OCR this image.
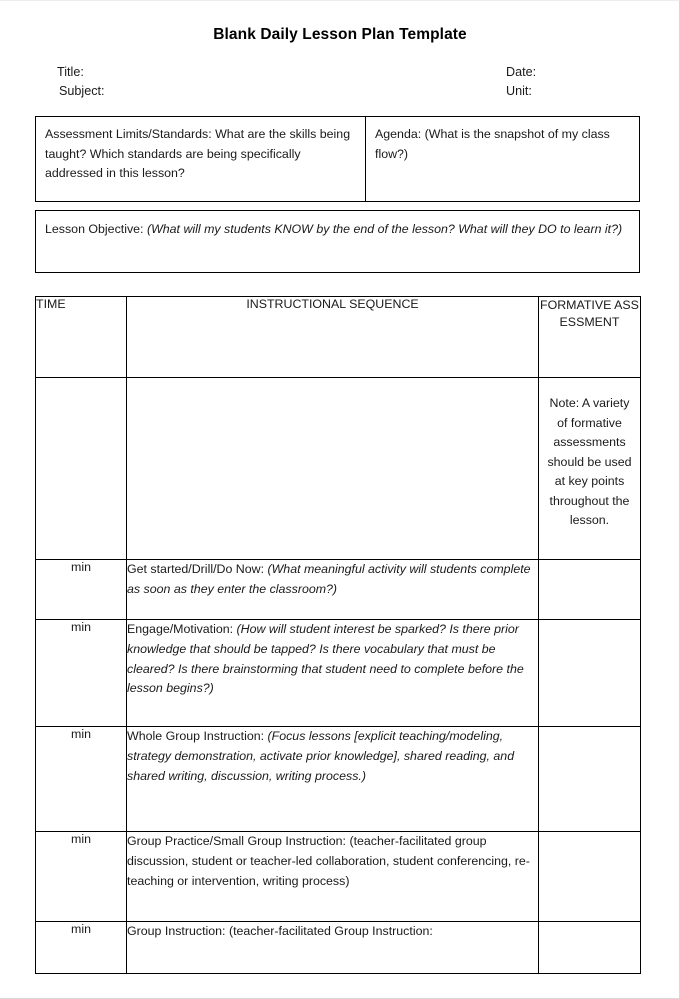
Blank Daily Lesson Plan Template
Title:
Subject:
Date:
Unit:
Assessment Limits/Standards: What are the skills being taught? Which standards are being specifically addressed in this lesson?
Agenda: (What is the snapshot of my class flow?)
Lesson Objective: (What will my students KNOW by the end of the lesson? What will they DO to learn it?)
TIME	INSTRUCTIONAL SEQUENCE	FORMATIVE ASSESSMENT

		Note: A variety of formative assessments should be used at key points throughout the lesson.

min	Get started/Drill/Do Now: (What meaningful activity will students complete as soon as they enter the classroom?)	
min	Engage/Motivation: (How will student interest be sparked? Is there prior knowledge that should be tapped? Is there vocabulary that must be cleared? Is there brainstorming that student need to complete before the lesson begins?)	
min	Whole Group Instruction: (Focus lessons [explicit teaching/modeling, strategy demonstration, activate prior knowledge], shared reading, and shared writing, discussion, writing process.)	
min	Group Practice/Small Group Instruction: (teacher-facilitated group discussion, student or teacher-led collaboration, student conferencing, re-teaching or intervention, writing process)	
min	Group Instruction: (teacher-facilitated Group Instruction:	
